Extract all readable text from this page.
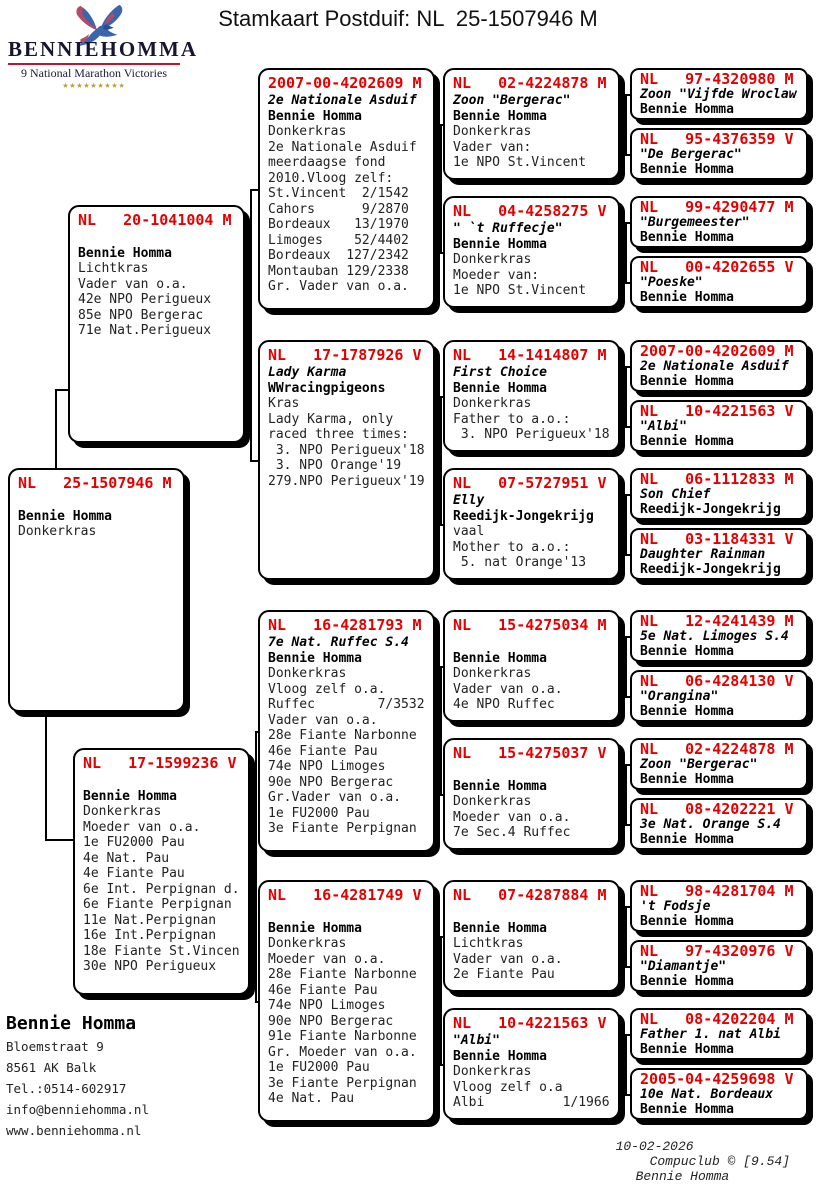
Stamkaart Postduif: NL  25-1507946 M
BENNIE HOMMA
9 National Marathon Victories
★★★★★★★★★
NL   25-1507946 M
Bennie Homma
Donkerkras
NL   20-1041004 M
Bennie Homma
Lichtkras
Vader van o.a.
42e NPO Perigueux
85e NPO Bergerac
71e Nat.Perigueux
NL   17-1599236 V
Bennie Homma
Donkerkras
Moeder van o.a.
1e FU2000 Pau
4e Nat. Pau
4e Fiante Pau
6e Int. Perpignan d.
6e Fiante Perpignan
11e Nat.Perpignan
16e Int.Perpignan
18e Fiante St.Vincen
30e NPO Perigueux
2007-00-4202609 M
2e Nationale Asduif
Bennie Homma
Donkerkras
2e Nationale Asduif
meerdaagse fond
2010.Vloog zelf:
St.Vincent  2/1542
Cahors      9/2870
Bordeaux   13/1970
Limoges    52/4402
Bordeaux  127/2342
Montauban 129/2338
Gr. Vader van o.a.
NL   17-1787926 V
Lady Karma
WWracingpigeons
Kras
Lady Karma, only
raced three times:
3. NPO Perigueux'18
3. NPO Orange'19
279.NPO Perigueux'19
NL   16-4281793 M
7e Nat. Ruffec S.4
Bennie Homma
Donkerkras
Vloog zelf o.a.
Ruffec        7/3532
Vader van o.a.
28e Fiante Narbonne
46e Fiante Pau
74e NPO Limoges
90e NPO Bergerac
Gr.Vader van o.a.
1e FU2000 Pau
3e Fiante Perpignan
NL   16-4281749 V
Bennie Homma
Donkerkras
Moeder van o.a.
28e Fiante Narbonne
46e Fiante Pau
74e NPO Limoges
90e NPO Bergerac
91e Fiante Narbonne
Gr. Moeder van o.a.
1e FU2000 Pau
3e Fiante Perpignan
4e Nat. Pau
NL   02-4224878 M
Zoon "Bergerac"
Bennie Homma
Donkerkras
Vader van:
1e NPO St.Vincent
NL   04-4258275 V
" `t Ruffecje"
Bennie Homma
Donkerkras
Moeder van:
1e NPO St.Vincent
NL   14-1414807 M
First Choice
Bennie Homma
Donkerkras
Father to a.o.:
3. NPO Perigueux'18
NL   07-5727951 V
Elly
Reedijk-Jongekrijg
vaal
Mother to a.o.:
5. nat Orange'13
NL   15-4275034 M
Bennie Homma
Donkerkras
Vader van o.a.
4e NPO Ruffec
NL   15-4275037 V
Bennie Homma
Donkerkras
Moeder van o.a.
7e Sec.4 Ruffec
NL   07-4287884 M
Bennie Homma
Lichtkras
Vader van o.a.
2e Fiante Pau
NL   10-4221563 V
"Albi"
Bennie Homma
Donkerkras
Vloog zelf o.a
Albi          1/1966
NL   97-4320980 M
Zoon "Vijfde Wroclaw
Bennie Homma
NL   95-4376359 V
"De Bergerac"
Bennie Homma
NL   99-4290477 M
"Burgemeester"
Bennie Homma
NL   00-4202655 V
"Poeske"
Bennie Homma
2007-00-4202609 M
2e Nationale Asduif
Bennie Homma
NL   10-4221563 V
"Albi"
Bennie Homma
NL   06-1112833 M
Son Chief
Reedijk-Jongekrijg
NL   03-1184331 V
Daughter Rainman
Reedijk-Jongekrijg
NL   12-4241439 M
5e Nat. Limoges S.4
Bennie Homma
NL   06-4284130 V
"Orangina"
Bennie Homma
NL   02-4224878 M
Zoon "Bergerac"
Bennie Homma
NL   08-4202221 V
3e Nat. Orange S.4
Bennie Homma
NL   98-4281704 M
't Fodsje
Bennie Homma
NL   97-4320976 V
"Diamantje"
Bennie Homma
NL   08-4202204 M
Father 1. nat Albi
Bennie Homma
2005-04-4259698 V
10e Nat. Bordeaux
Bennie Homma
Bennie Homma
Bloemstraat 9
8561 AK Balk
Tel.:0514-602917
info@benniehomma.nl
www.benniehomma.nl

10-02-2026
Compuclub © [9.54]
Bennie Homma
